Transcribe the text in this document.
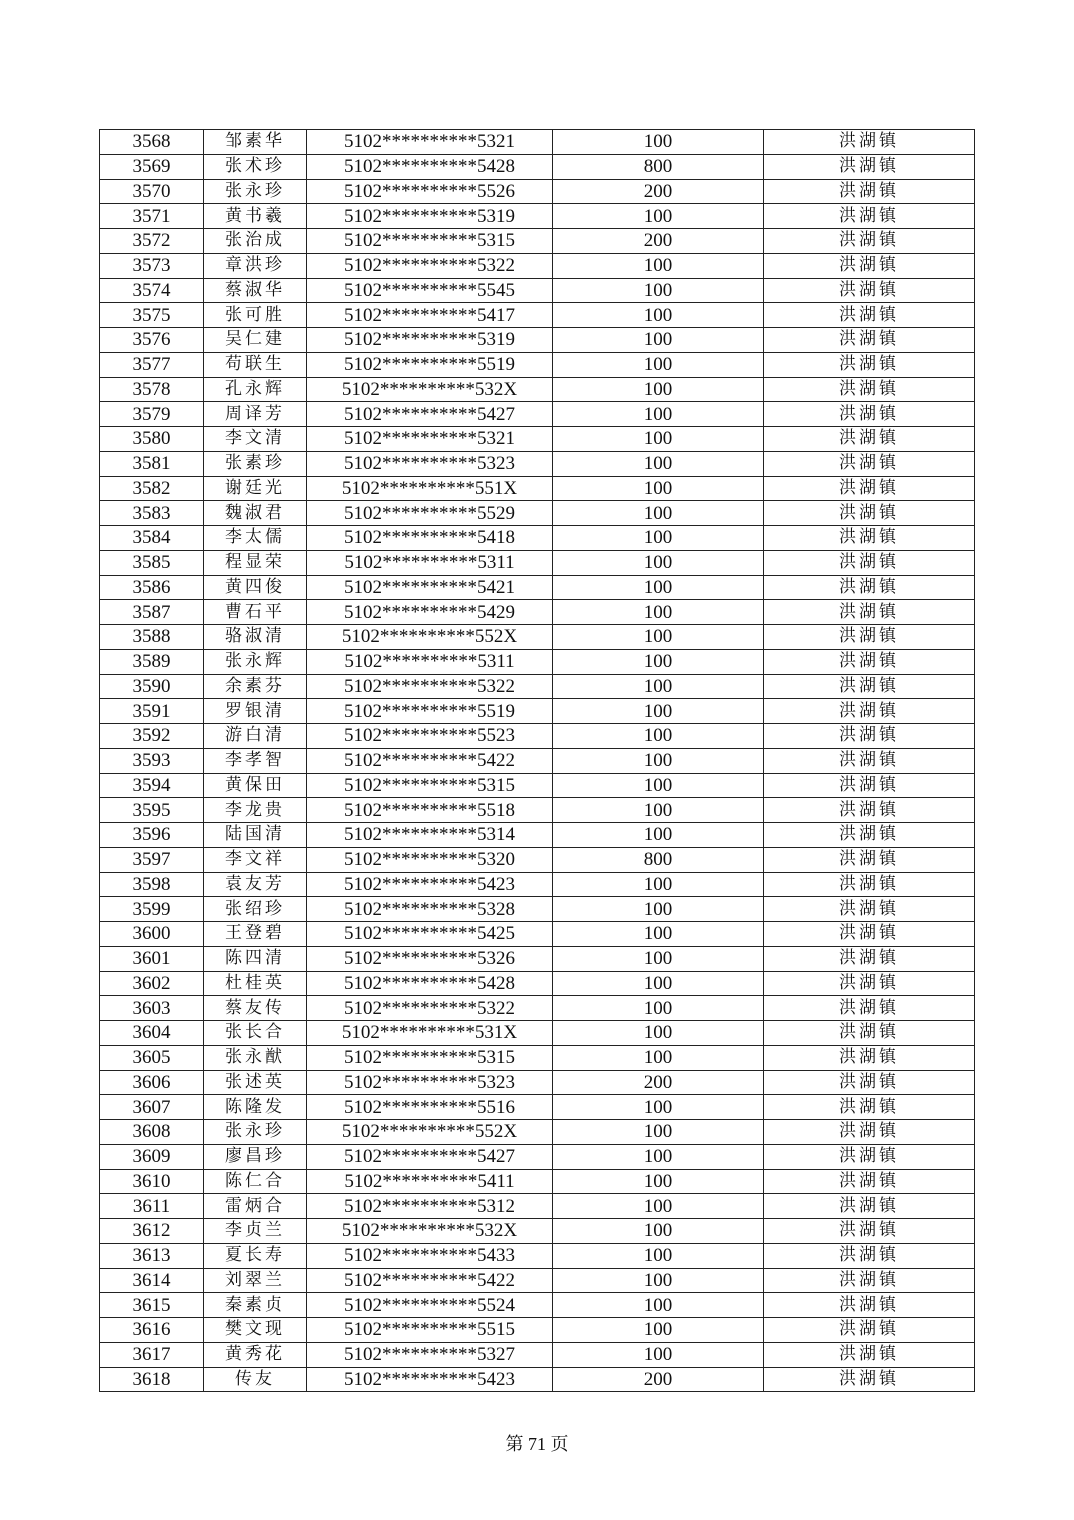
3568	邹素华	5102**********5321	100	洪湖镇
3569	张术珍	5102**********5428	800	洪湖镇
3570	张永珍	5102**********5526	200	洪湖镇
3571	黄书羲	5102**********5319	100	洪湖镇
3572	张治成	5102**********5315	200	洪湖镇
3573	章洪珍	5102**********5322	100	洪湖镇
3574	蔡淑华	5102**********5545	100	洪湖镇
3575	张可胜	5102**********5417	100	洪湖镇
3576	吴仁建	5102**********5319	100	洪湖镇
3577	苟联生	5102**********5519	100	洪湖镇
3578	孔永辉	5102**********532X	100	洪湖镇
3579	周译芳	5102**********5427	100	洪湖镇
3580	李文清	5102**********5321	100	洪湖镇
3581	张素珍	5102**********5323	100	洪湖镇
3582	谢廷光	5102**********551X	100	洪湖镇
3583	魏淑君	5102**********5529	100	洪湖镇
3584	李太儒	5102**********5418	100	洪湖镇
3585	程显荣	5102**********5311	100	洪湖镇
3586	黄四俊	5102**********5421	100	洪湖镇
3587	曹石平	5102**********5429	100	洪湖镇
3588	骆淑清	5102**********552X	100	洪湖镇
3589	张永辉	5102**********5311	100	洪湖镇
3590	余素芬	5102**********5322	100	洪湖镇
3591	罗银清	5102**********5519	100	洪湖镇
3592	游白清	5102**********5523	100	洪湖镇
3593	李孝智	5102**********5422	100	洪湖镇
3594	黄保田	5102**********5315	100	洪湖镇
3595	李龙贵	5102**********5518	100	洪湖镇
3596	陆国清	5102**********5314	100	洪湖镇
3597	李文祥	5102**********5320	800	洪湖镇
3598	袁友芳	5102**********5423	100	洪湖镇
3599	张绍珍	5102**********5328	100	洪湖镇
3600	王登碧	5102**********5425	100	洪湖镇
3601	陈四清	5102**********5326	100	洪湖镇
3602	杜桂英	5102**********5428	100	洪湖镇
3603	蔡友传	5102**********5322	100	洪湖镇
3604	张长合	5102**********531X	100	洪湖镇
3605	张永猷	5102**********5315	100	洪湖镇
3606	张述英	5102**********5323	200	洪湖镇
3607	陈隆发	5102**********5516	100	洪湖镇
3608	张永珍	5102**********552X	100	洪湖镇
3609	廖昌珍	5102**********5427	100	洪湖镇
3610	陈仁合	5102**********5411	100	洪湖镇
3611	雷炳合	5102**********5312	100	洪湖镇
3612	李贞兰	5102**********532X	100	洪湖镇
3613	夏长寿	5102**********5433	100	洪湖镇
3614	刘翠兰	5102**********5422	100	洪湖镇
3615	秦素贞	5102**********5524	100	洪湖镇
3616	樊文现	5102**********5515	100	洪湖镇
3617	黄秀花	5102**********5327	100	洪湖镇
3618	传友	5102**********5423	200	洪湖镇
第 71 页
